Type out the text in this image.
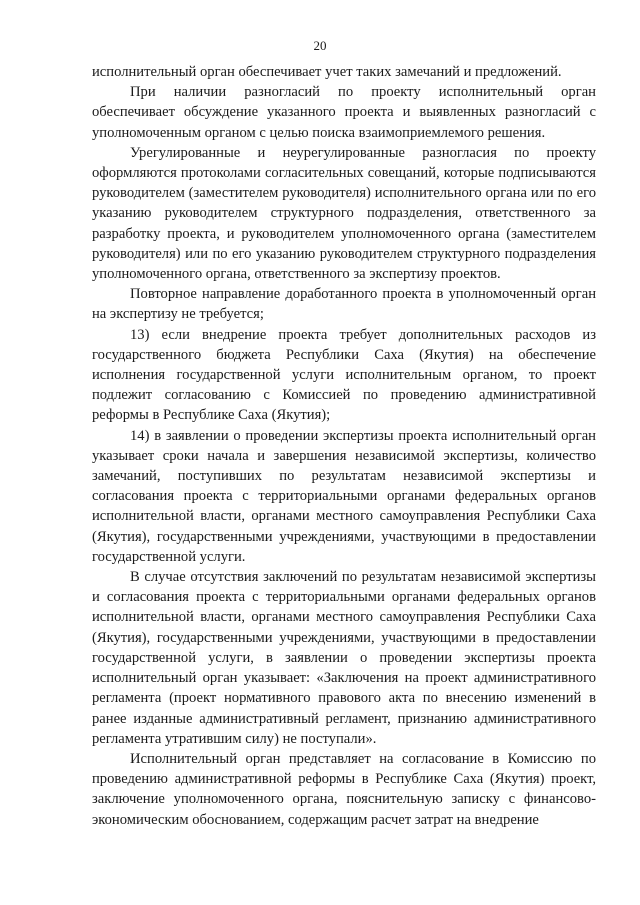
20

исполнительный орган обеспечивает учет таких замечаний и предложений.

При наличии разногласий по проекту исполнительный орган обеспечивает обсуждение указанного проекта и выявленных разногласий с уполномоченным органом с целью поиска взаимоприемлемого решения.

Урегулированные и неурегулированные разногласия по проекту оформляются протоколами согласительных совещаний, которые подписываются руководителем (заместителем руководителя) исполнительного органа или по его указанию руководителем структурного подразделения, ответственного за разработку проекта, и руководителем уполномоченного органа (заместителем руководителя) или по его указанию руководителем структурного подразделения уполномоченного органа, ответственного за экспертизу проектов.

Повторное направление доработанного проекта в уполномоченный орган на экспертизу не требуется;

13) если внедрение проекта требует дополнительных расходов из государственного бюджета Республики Саха (Якутия) на обеспечение исполнения государственной услуги исполнительным органом, то проект подлежит согласованию с Комиссией по проведению административной реформы в Республике Саха (Якутия);

14) в заявлении о проведении экспертизы проекта исполнительный орган указывает сроки начала и завершения независимой экспертизы, количество замечаний, поступивших по результатам независимой экспертизы и согласования проекта с территориальными органами федеральных органов исполнительной власти, органами местного самоуправления Республики Саха (Якутия), государственными учреждениями, участвующими в предоставлении государственной услуги.

В случае отсутствия заключений по результатам независимой экспертизы и согласования проекта с территориальными органами федеральных органов исполнительной власти, органами местного самоуправления Республики Саха (Якутия), государственными учреждениями, участвующими в предоставлении государственной услуги, в заявлении о проведении экспертизы проекта исполнительный орган указывает: «Заключения на проект административного регламента (проект нормативного правового акта по внесению изменений в ранее изданные административный регламент, признанию административного регламента утратившим силу) не поступали».

Исполнительный орган представляет на согласование в Комиссию по проведению административной реформы в Республике Саха (Якутия) проект, заключение уполномоченного органа, пояснительную записку с финансово-экономическим обоснованием, содержащим расчет затрат на внедрение
